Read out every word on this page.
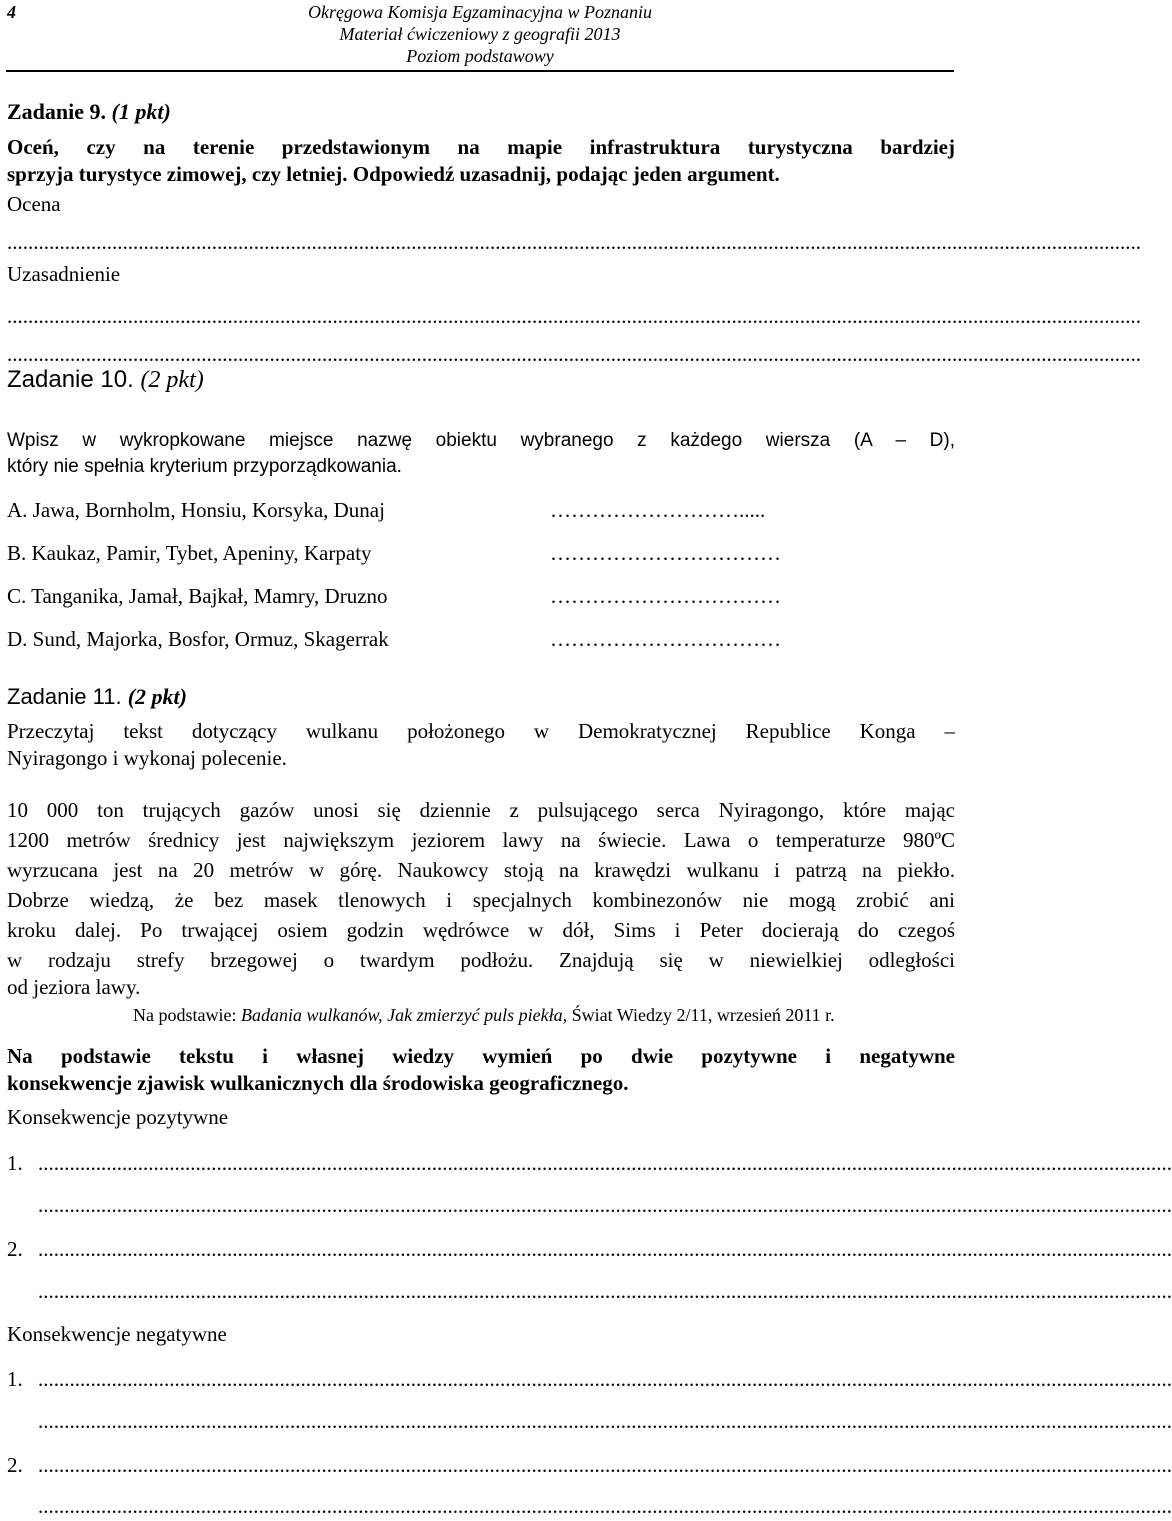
4	Okręgowa Komisja Egzaminacyjna w Poznaniu
Materiał ćwiczeniowy z geografii 2013
Poziom podstawowy
Zadanie 9. (1 pkt)
Oceń, czy na terenie przedstawionym na mapie infrastruktura turystyczna bardziej
sprzyja turystyce zimowej, czy letniej. Odpowiedź uzasadnij, podając jeden argument.
Ocena
........................................................................................................................................................................................................................
Uzasadnienie
........................................................................................................................................................................................................................
........................................................................................................................................................................................................................
Zadanie 10. (2 pkt)
Wpisz w wykropkowane miejsce nazwę obiektu wybranego z każdego wiersza (A – D),
który nie spełnia kryterium przyporządkowania.
A. Jawa, Bornholm, Honsiu, Korsyka, Dunaj	……………………….....
B. Kaukaz, Pamir, Tybet, Apeniny, Karpaty	……………………………
C. Tanganika, Jamał, Bajkał, Mamry, Druzno	……………………………
D. Sund, Majorka, Bosfor, Ormuz, Skagerrak	……………………………
Zadanie 11. (2 pkt)
Przeczytaj tekst dotyczący wulkanu położonego w Demokratycznej Republice Konga –
Nyiragongo i wykonaj polecenie.
10 000 ton trujących gazów unosi się dziennie z pulsującego serca Nyiragongo, które mając
1200 metrów średnicy jest największym jeziorem lawy na świecie. Lawa o temperaturze 980ºC
wyrzucana jest na 20 metrów w górę. Naukowcy stoją na krawędzi wulkanu i patrzą na piekło.
Dobrze wiedzą, że bez masek tlenowych i specjalnych kombinezonów nie mogą zrobić ani
kroku dalej. Po trwającej osiem godzin wędrówce w dół, Sims i Peter docierają do czegoś
w rodzaju strefy brzegowej o twardym podłożu. Znajdują się w niewielkiej odległości
od jeziora lawy.
Na podstawie: Badania wulkanów, Jak zmierzyć puls piekła, Świat Wiedzy 2/11, wrzesień 2011 r.
Na podstawie tekstu i własnej wiedzy wymień po dwie pozytywne i negatywne
konsekwencje zjawisk wulkanicznych dla środowiska geograficznego.
Konsekwencje pozytywne
1. ........................................................................................................................................................................................................................
........................................................................................................................................................................................................................
2. ........................................................................................................................................................................................................................
........................................................................................................................................................................................................................
Konsekwencje negatywne
1. ........................................................................................................................................................................................................................
........................................................................................................................................................................................................................
2. ........................................................................................................................................................................................................................
........................................................................................................................................................................................................................
